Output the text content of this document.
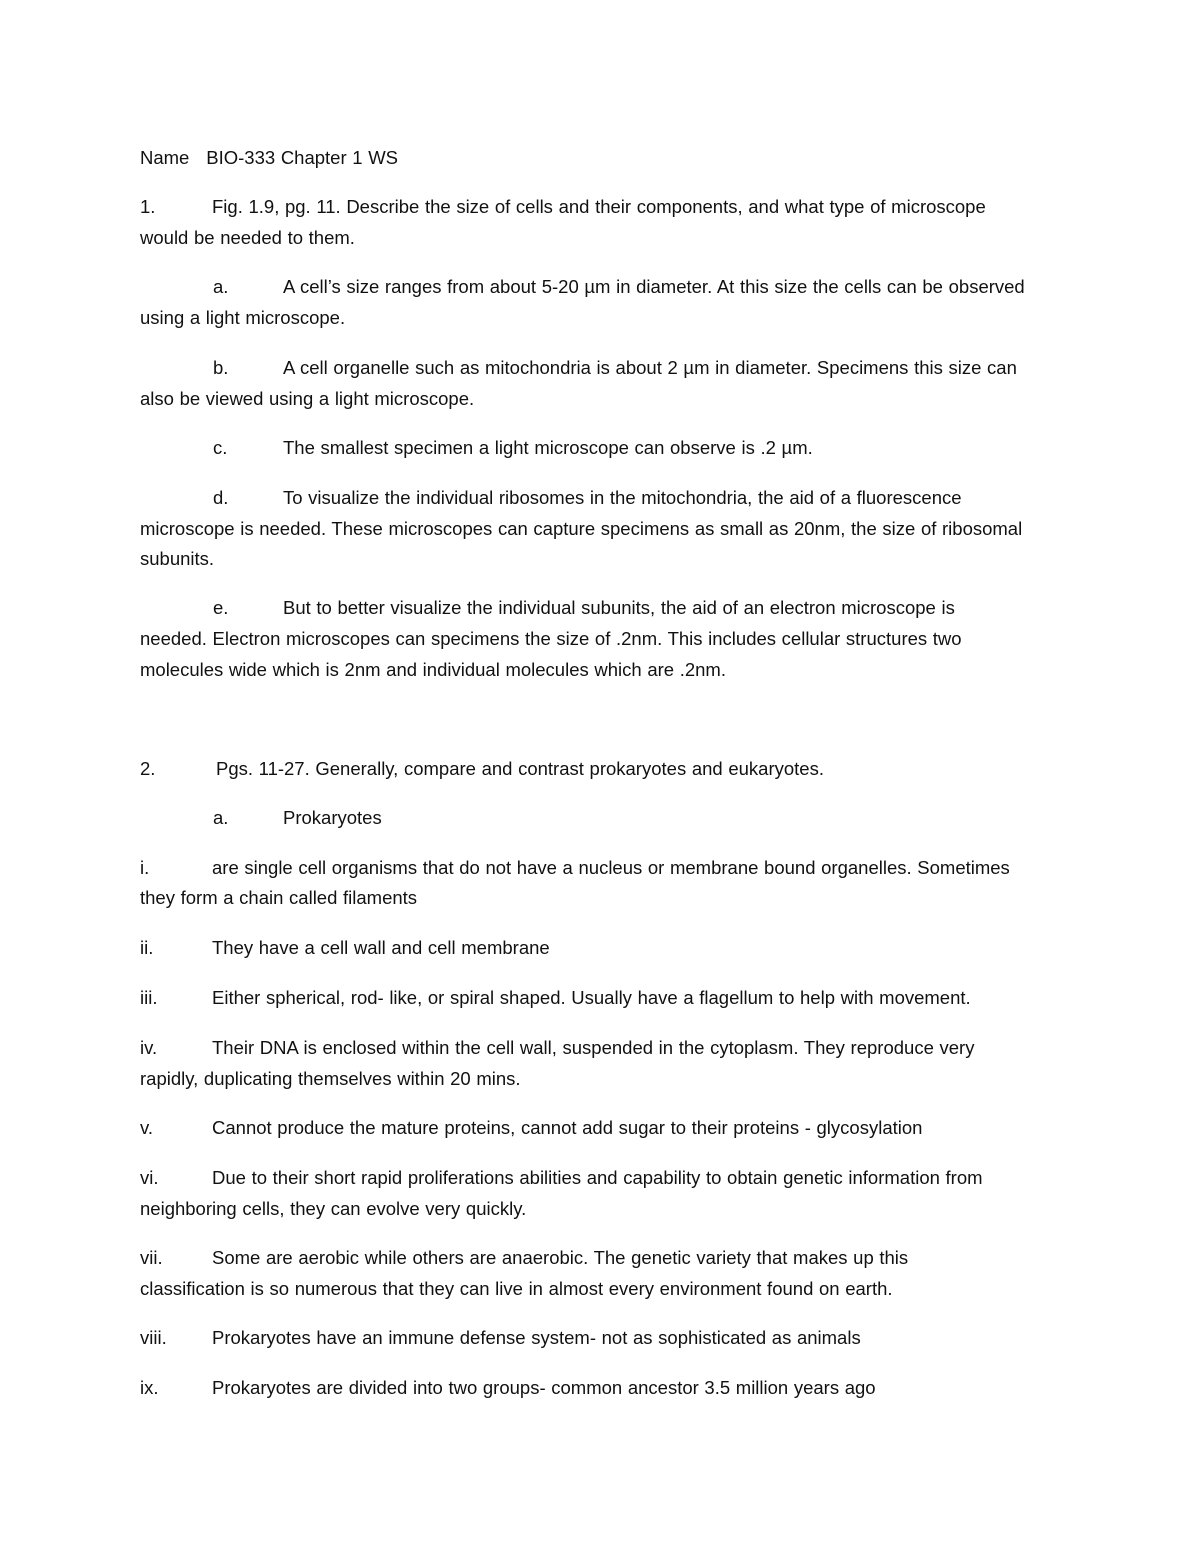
Name BIO-333 Chapter 1 WS
1.	Fig. 1.9, pg. 11. Describe the size of cells and their components, and what type of microscope
would be needed to them.
a.	A cell’s size ranges from about 5-20 µm in diameter. At this size the cells can be observed
using a light microscope.
b.	A cell organelle such as mitochondria is about 2 µm in diameter. Specimens this size can
also be viewed using a light microscope.
c.	The smallest specimen a light microscope can observe is .2 µm.
d.	To visualize the individual ribosomes in the mitochondria, the aid of a fluorescence
microscope is needed. These microscopes can capture specimens as small as 20nm, the size of ribosomal
subunits.
e.	But to better visualize the individual subunits, the aid of an electron microscope is
needed. Electron microscopes can specimens the size of .2nm. This includes cellular structures two
molecules wide which is 2nm and individual molecules which are .2nm.
2.	Pgs. 11-27. Generally, compare and contrast prokaryotes and eukaryotes.
a.	Prokaryotes
i.	are single cell organisms that do not have a nucleus or membrane bound organelles. Sometimes
they form a chain called filaments
ii.	They have a cell wall and cell membrane
iii.	Either spherical, rod- like, or spiral shaped. Usually have a flagellum to help with movement.
iv.	Their DNA is enclosed within the cell wall, suspended in the cytoplasm. They reproduce very
rapidly, duplicating themselves within 20 mins.
v.	Cannot produce the mature proteins, cannot add sugar to their proteins - glycosylation
vi.	Due to their short rapid proliferations abilities and capability to obtain genetic information from
neighboring cells, they can evolve very quickly.
vii.	Some are aerobic while others are anaerobic. The genetic variety that makes up this
classification is so numerous that they can live in almost every environment found on earth.
viii. Prokaryotes have an immune defense system- not as sophisticated as animals
ix.	Prokaryotes are divided into two groups- common ancestor 3.5 million years ago
